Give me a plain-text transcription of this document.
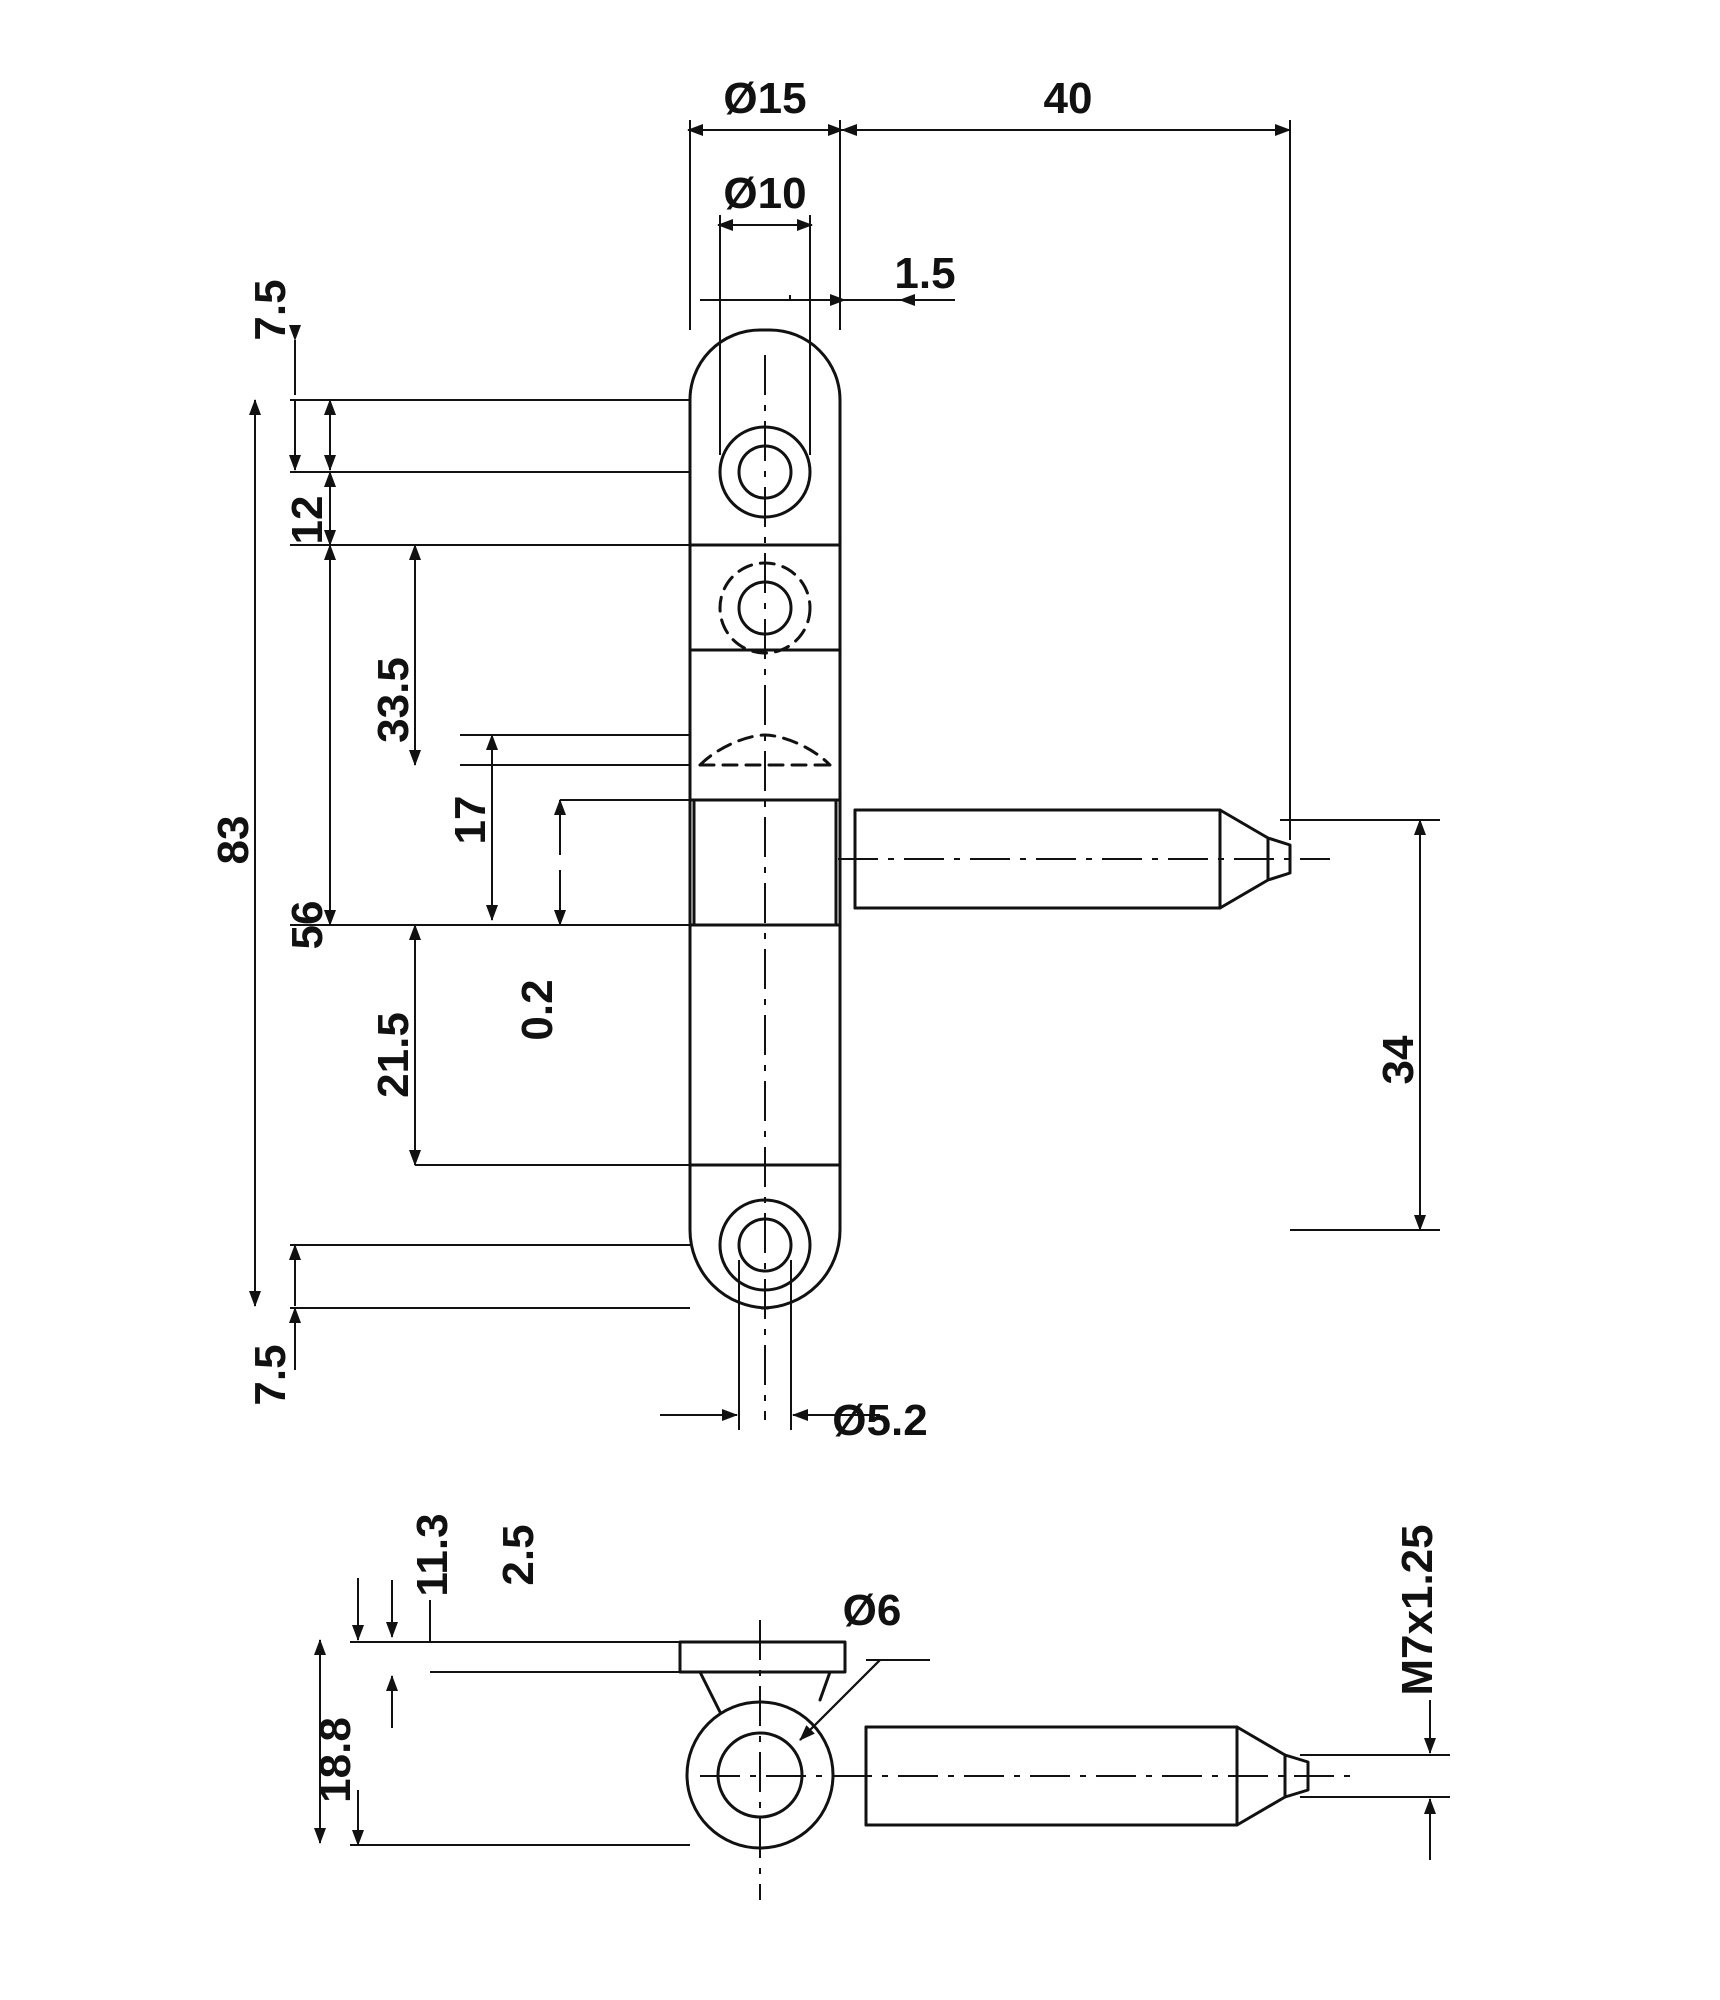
Ø15	40
Ø10
1.5
7.5
12
33.5
17
83
56
21.5
0.2
7.5
34
Ø5.2
11.3 2.5
18.8
Ø6	M7x1.25
